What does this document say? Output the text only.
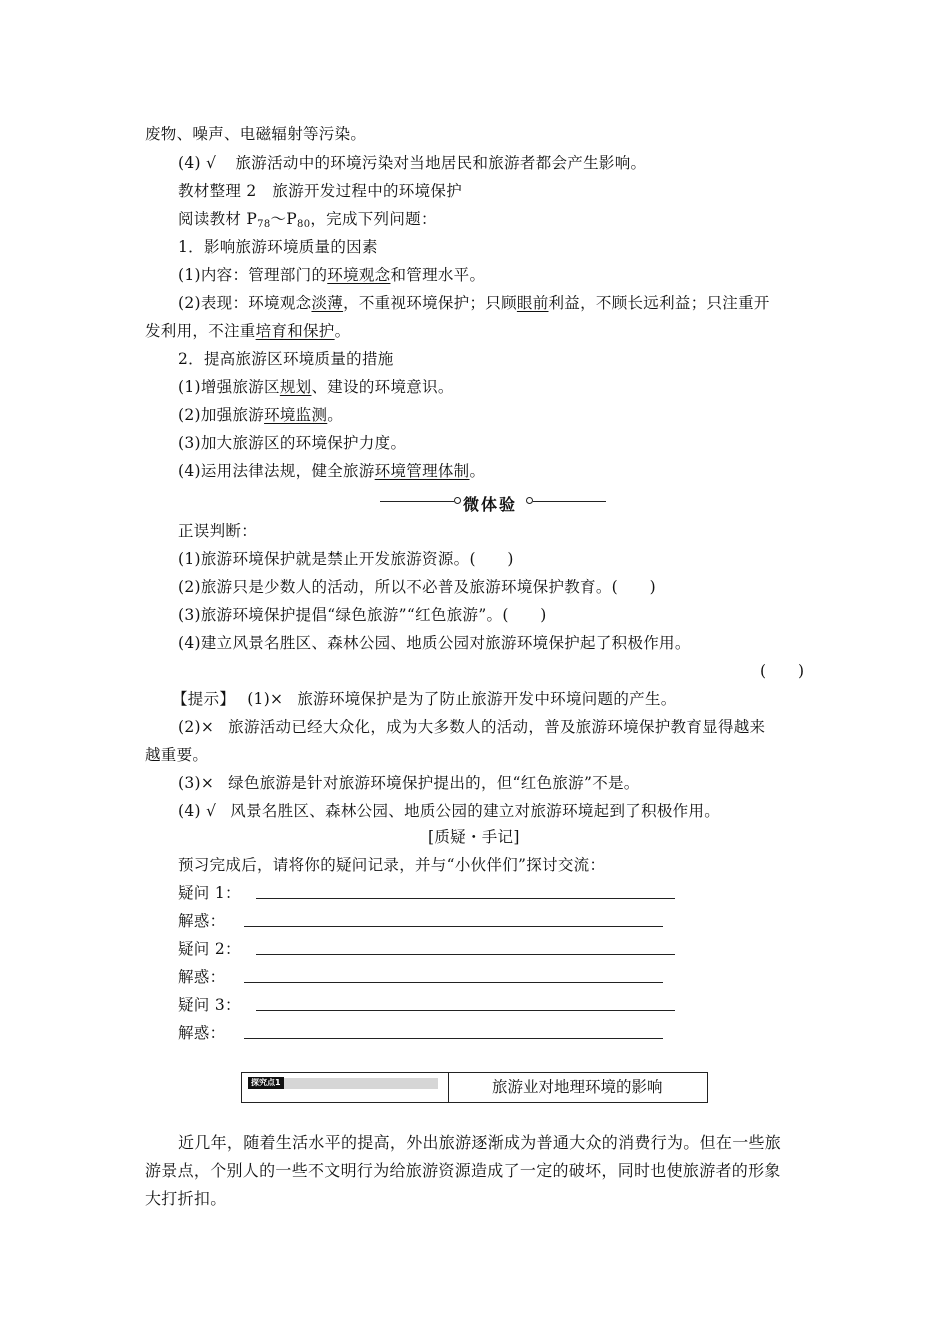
废物、噪声、电磁辐射等污染。
(4) √ 旅游活动中的环境污染对当地居民和旅游者都会产生影响。
教材整理 2　旅游开发过程中的环境保护
阅读教材 $P_{78}\sim P_{80}$，完成下列问题：
1．影响旅游环境质量的因素
(1)内容：管理部门的环境观念和管理水平。
(2)表现：环境观念淡薄，不重视环境保护；只顾眼前利益，不顾长远利益；只注重开
发利用，不注重培育和保护。
2．提高旅游区环境质量的措施
(1)增强旅游区规划、建设的环境意识。
(2)加强旅游环境监测。
(3)加大旅游区的环境保护力度。
(4)运用法律法规，健全旅游环境管理体制。
微体验
正误判断：
(1)旅游环境保护就是禁止开发旅游资源。(　　)
(2)旅游只是少数人的活动，所以不必普及旅游环境保护教育。(　　)
(3)旅游环境保护提倡“绿色旅游”“红色旅游”。(　　)
(4)建立风景名胜区、森林公园、地质公园对旅游环境保护起了积极作用。
(　　)
【提示】 (1)× 旅游环境保护是为了防止旅游开发中环境问题的产生。
(2)× 旅游活动已经大众化，成为大多数人的活动，普及旅游环境保护教育显得越来
越重要。
(3)× 绿色旅游是针对旅游环境保护提出的，但“红色旅游”不是。
(4) √ 风景名胜区、森林公园、地质公园的建立对旅游环境起到了积极作用。
[质疑・手记]
预习完成后，请将你的疑问记录，并与“小伙伴们”探讨交流：
疑问 1：
解惑：
疑问 2：
解惑：
疑问 3：
解惑：
探究点1	旅游业对地理环境的影响
近几年，随着生活水平的提高，外出旅游逐渐成为普通大众的消费行为。但在一些旅
游景点，个别人的一些不文明行为给旅游资源造成了一定的破坏，同时也使旅游者的形象
大打折扣。
